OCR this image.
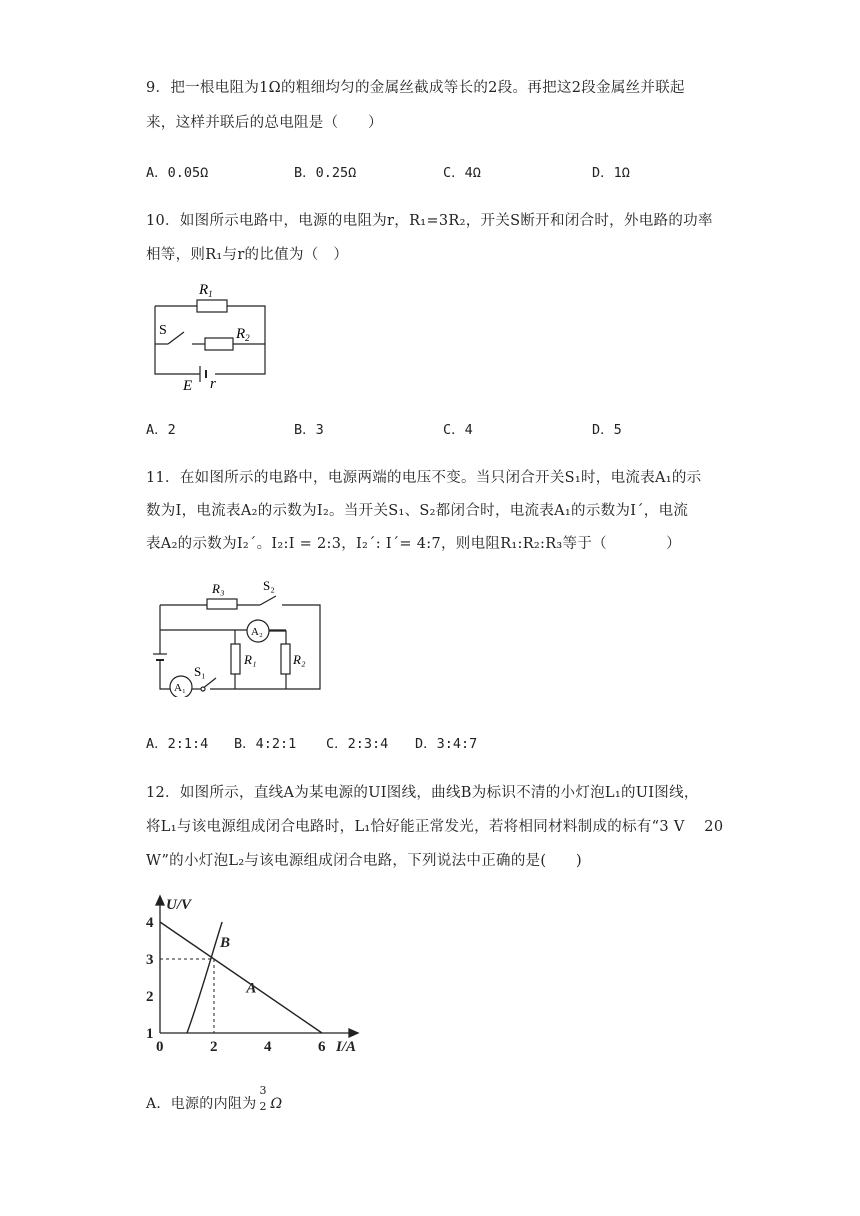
9．把一根电阻为1Ω的粗细均匀的金属丝截成等长的2段。再把这2段金属丝并联起
来，这样并联后的总电阻是（　　）
A．0.05Ω	B．0.25Ω	C．4Ω	D．1Ω
10．如图所示电路中，电源的电阻为r，R₁=3R₂，开关S断开和闭合时，外电路的功率
相等，则R₁与r的比值为（　）
$R_1$
S	$R_2$
E r
A．2	B．3	C．4	D．5
11．在如图所示的电路中，电源两端的电压不变。当只闭合开关S₁时，电流表A₁的示
数为I，电流表A₂的示数为I₂。当开关S₁、S₂都闭合时，电流表A₁的示数为I´，电流
表A₂的示数为I₂´。I₂:I = 2:3，I₂´: I´= 4:7，则电阻R₁:R₂:R₃等于（　　　　）
R₃	S₂
A₂
R₁	R₂
S₁
A₁
A．2:1:4 B．4:2:1 C．2:3:4 D．3:4:7
12．如图所示，直线A为某电源的UI图线，曲线B为标识不清的小灯泡L₁的UI图线，
将L₁与该电源组成闭合电路时，L₁恰好能正常发光，若将相同材料制成的标有“3 V　 20
W”的小灯泡L₂与该电源组成闭合电路，下列说法中正确的是(　　)
4
3
2
1
2	4	6
0
U/V
I/A
B
A
A．电源的内阻为
3
2 Ω
